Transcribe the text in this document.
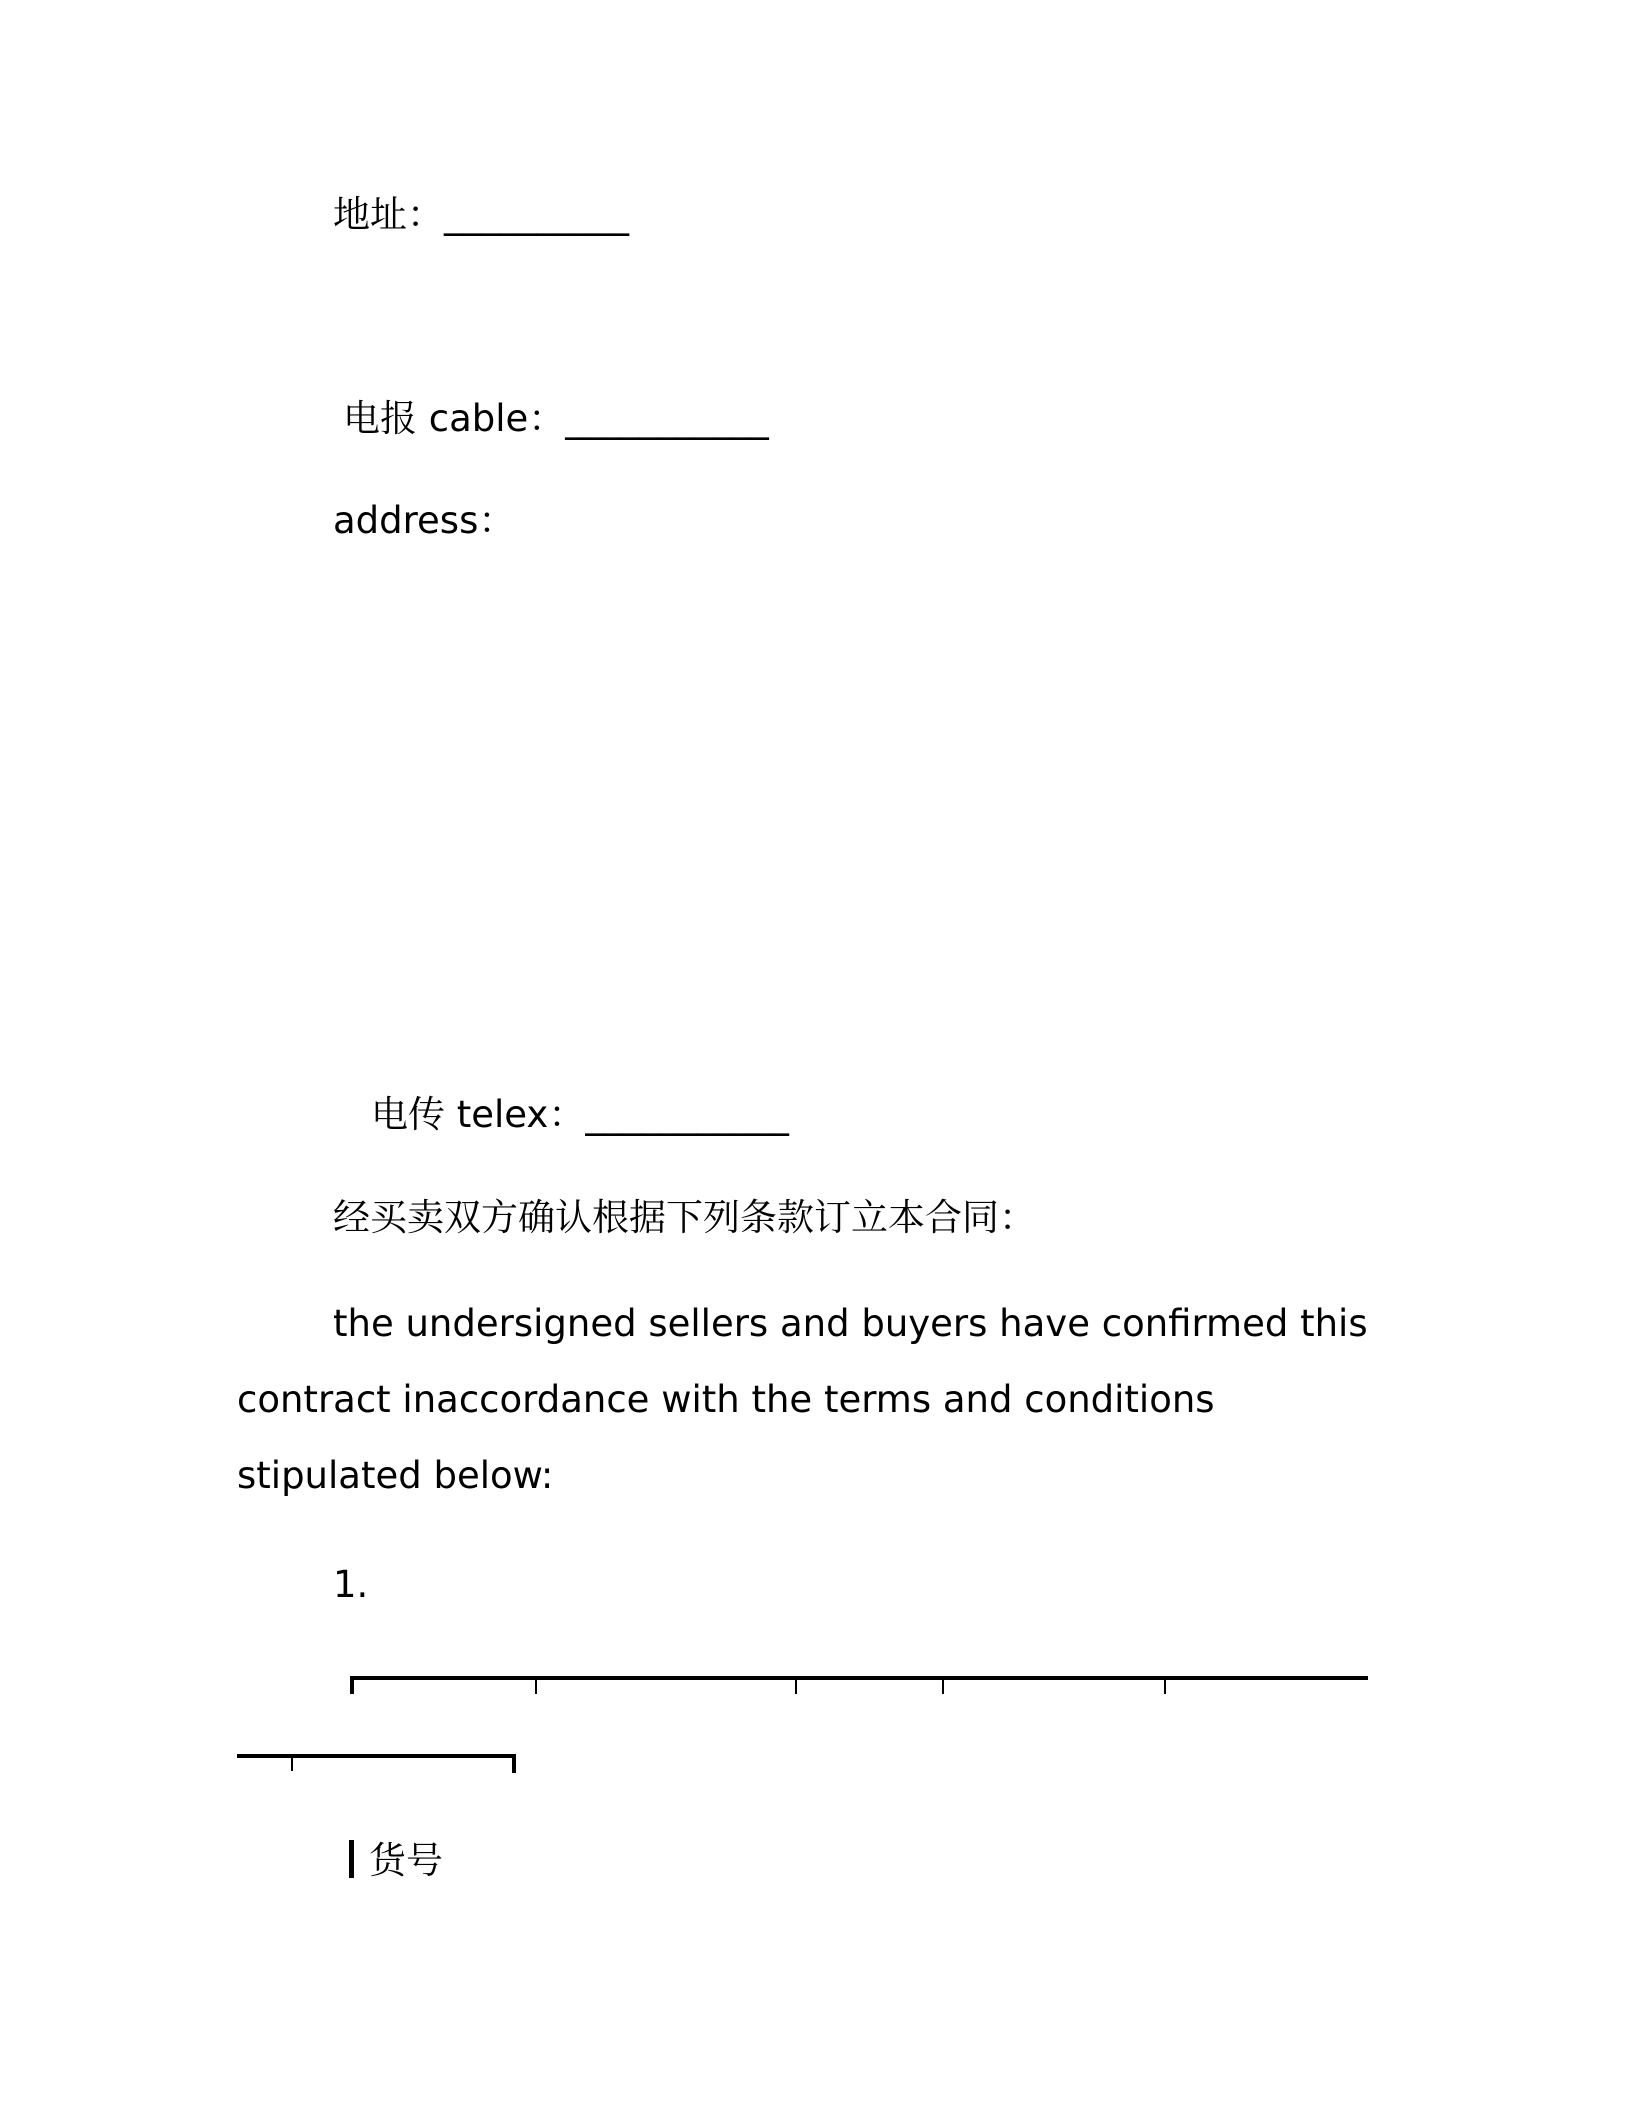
地址：__________
电报 cable：___________
address：
电传 telex：___________
经买卖双方确认根据下列条款订立本合同：
the undersigned sellers and buyers have confirmed this contract inaccordance with the terms and conditions stipulated below:
1.
货号
